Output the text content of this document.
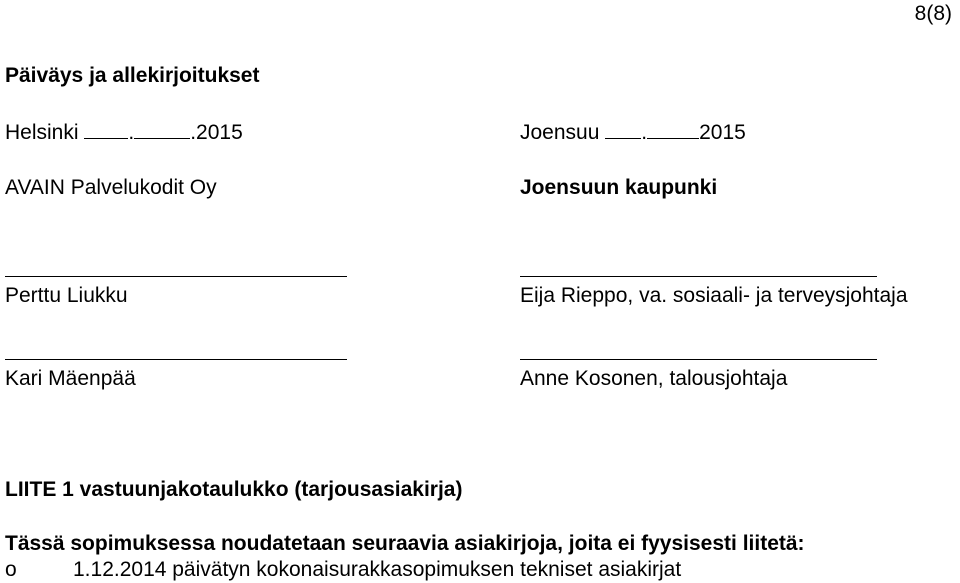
8(8)
Päiväys ja allekirjoitukset
Helsinki .	.2015	Joensuu . 2015
AVAIN Palvelukodit Oy	Joensuun kaupunki
Perttu Liukku	Eija Rieppo, va. sosiaali- ja terveysjohtaja
Kari Mäenpää	Anne Kosonen, talousjohtaja
LIITE 1 vastuunjakotaulukko (tarjousasiakirja)
Tässä sopimuksessa noudatetaan seuraavia asiakirjoja, joita ei fyysisesti liitetä:
o	1.12.2014 päivätyn kokonaisurakkasopimuksen tekniset asiakirjat
